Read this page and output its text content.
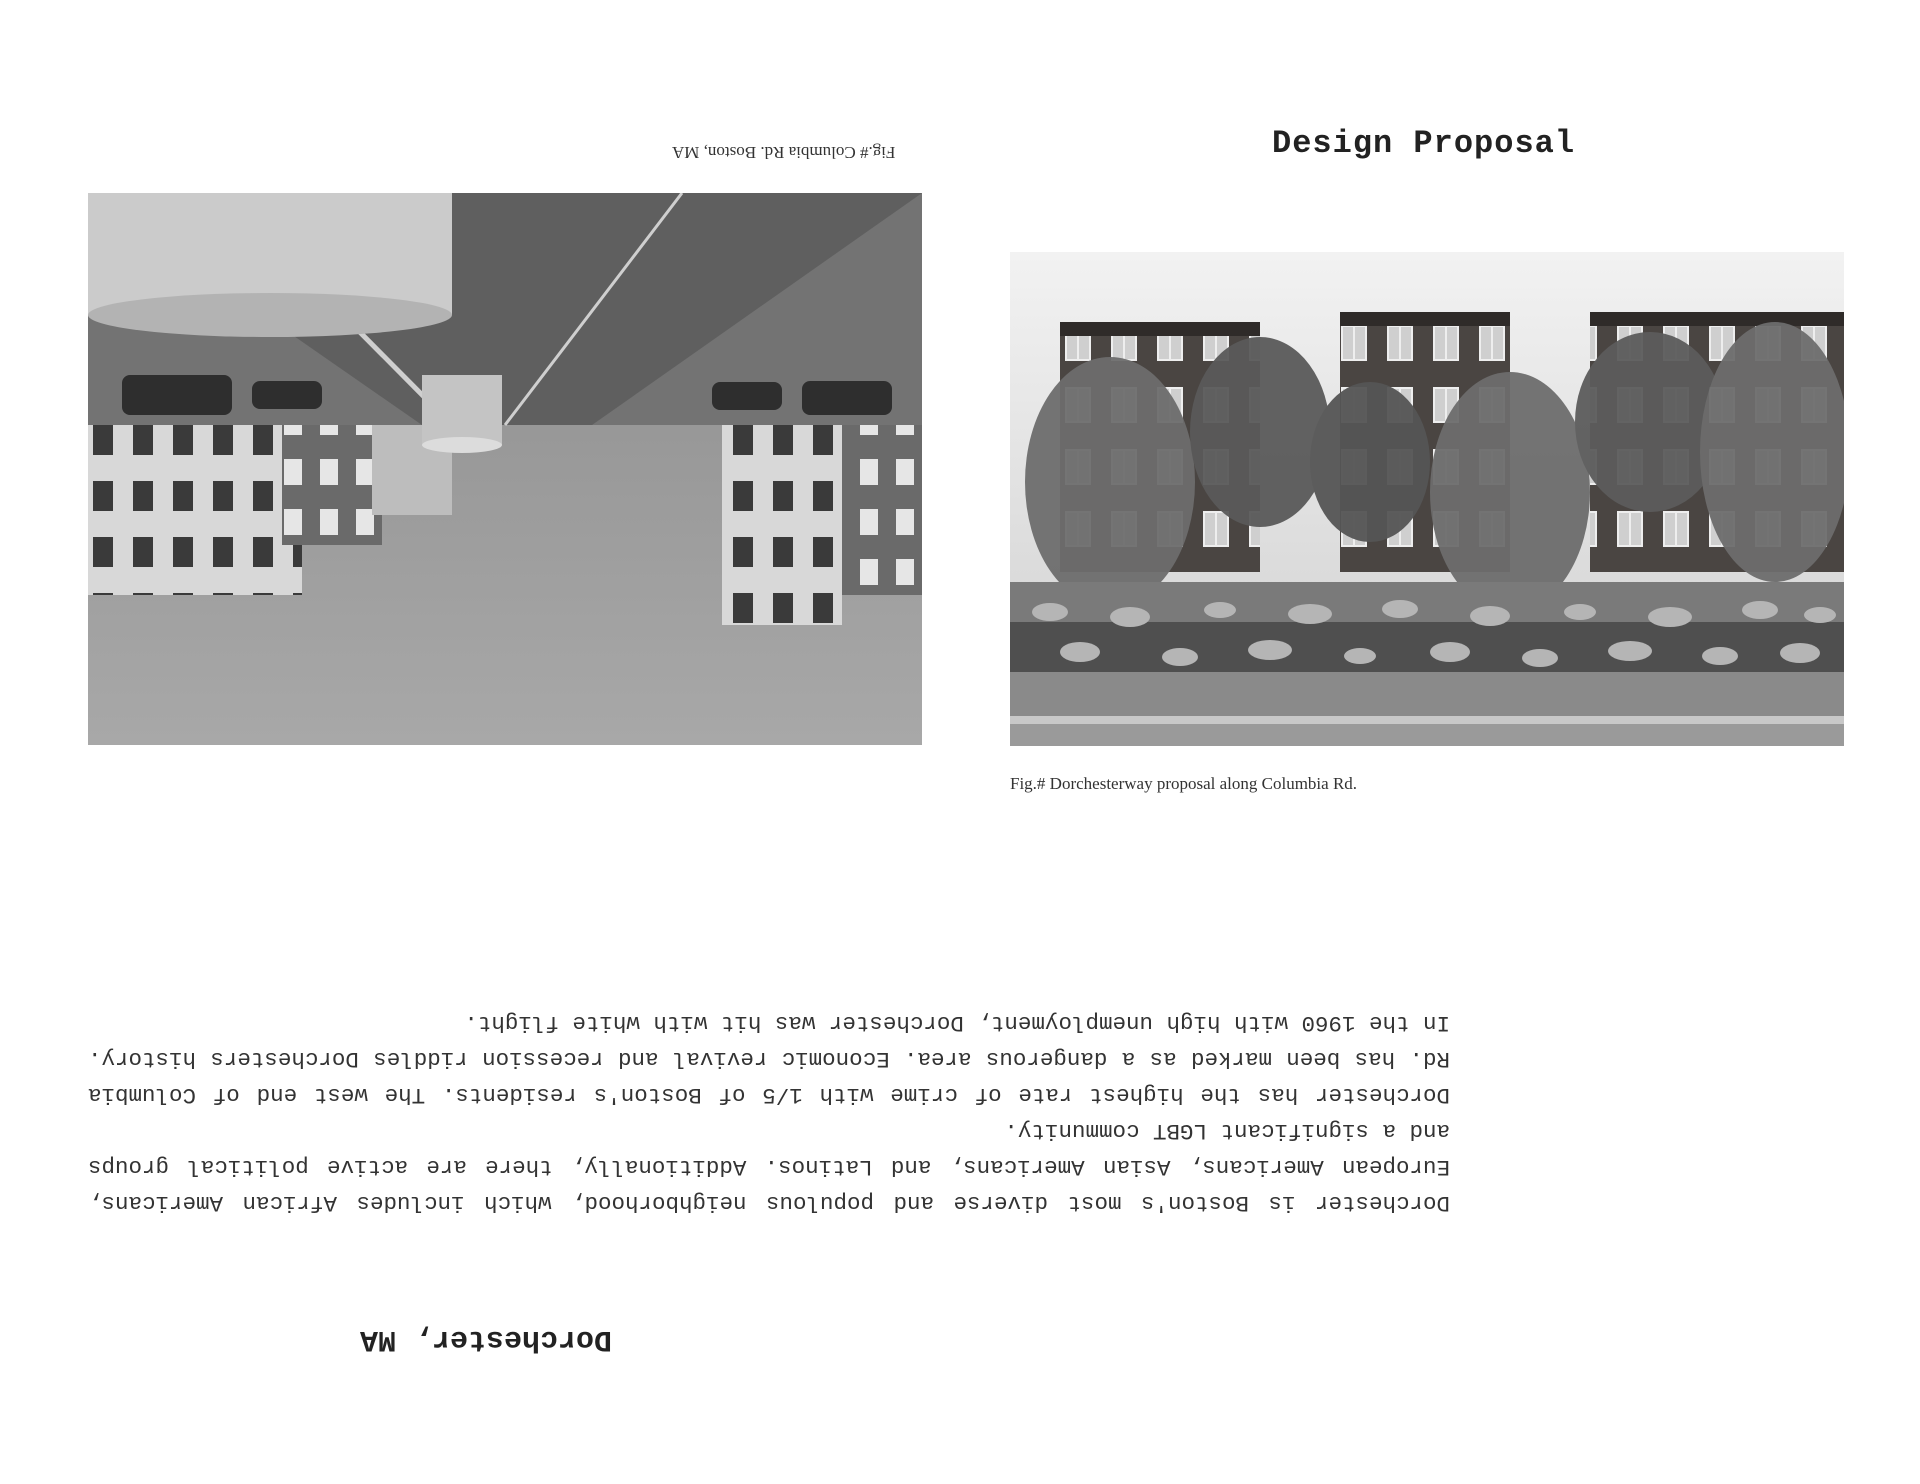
Design Proposal
Fig.# Dorchesterway proposal along Columbia Rd.
Fig.# Columbia Rd. Boston, MA

Dorchester is Boston's most diverse and populous neighborhood, which includes African Americans, European Americans, Asian Americans, and Latinos. Additionally, there are active political groups and a significant LGBT community.

Dorchester has the highest rate of crime with 1/5 of Boston's residents. The west end of Columbia Rd. has been marked as a dangerous area. Economic revival and recession riddles Dorchesters history. In the 1960 with high unemployment, Dorchester was hit with white flight.

Dorchester, MA
